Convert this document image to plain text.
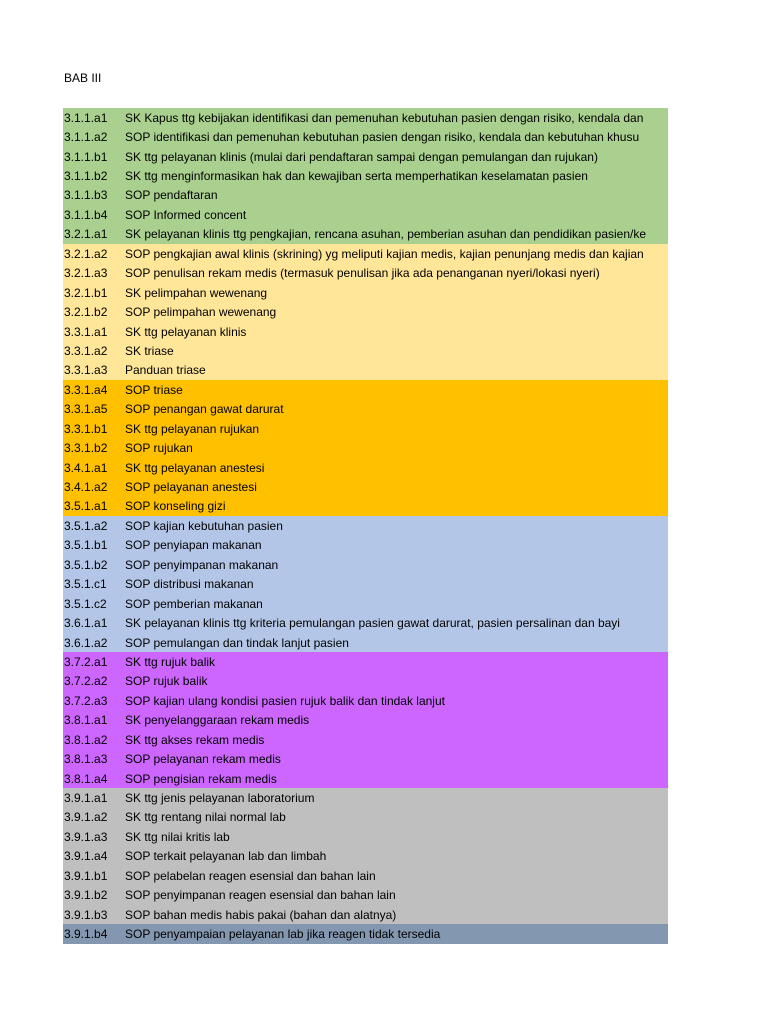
BAB III
3.1.1.a1	SK Kapus ttg kebijakan identifikasi dan pemenuhan kebutuhan pasien dengan risiko, kendala dan
3.1.1.a2	SOP identifikasi dan pemenuhan kebutuhan pasien dengan risiko, kendala dan kebutuhan khusu
3.1.1.b1	SK ttg pelayanan klinis (mulai dari pendaftaran sampai dengan pemulangan dan rujukan)
3.1.1.b2	SK ttg menginformasikan hak dan kewajiban serta memperhatikan keselamatan pasien
3.1.1.b3	SOP pendaftaran
3.1.1.b4	SOP Informed concent
3.2.1.a1	SK pelayanan klinis ttg pengkajian, rencana asuhan, pemberian asuhan dan pendidikan pasien/ke
3.2.1.a2	SOP pengkajian awal klinis (skrining) yg meliputi kajian medis, kajian penunjang medis dan kajian
3.2.1.a3	SOP penulisan rekam medis (termasuk penulisan jika ada penanganan nyeri/lokasi nyeri)
3.2.1.b1	SK pelimpahan wewenang
3.2.1.b2	SOP pelimpahan wewenang
3.3.1.a1	SK ttg pelayanan klinis
3.3.1.a2	SK triase
3.3.1.a3	Panduan triase
3.3.1.a4	SOP triase
3.3.1.a5	SOP penangan gawat darurat
3.3.1.b1	SK ttg pelayanan rujukan
3.3.1.b2	SOP rujukan
3.4.1.a1	SK ttg pelayanan anestesi
3.4.1.a2	SOP pelayanan anestesi
3.5.1.a1	SOP konseling gizi
3.5.1.a2	SOP kajian kebutuhan pasien
3.5.1.b1	SOP penyiapan makanan
3.5.1.b2	SOP penyimpanan makanan
3.5.1.c1	SOP distribusi makanan
3.5.1.c2	SOP pemberian makanan
3.6.1.a1	SK pelayanan klinis ttg kriteria pemulangan pasien gawat darurat, pasien persalinan dan bayi
3.6.1.a2	SOP pemulangan dan tindak lanjut pasien
3.7.2.a1	SK ttg rujuk balik
3.7.2.a2	SOP rujuk balik
3.7.2.a3	SOP kajian ulang kondisi pasien rujuk balik dan tindak lanjut
3.8.1.a1	SK penyelanggaraan rekam medis
3.8.1.a2	SK ttg akses rekam medis
3.8.1.a3	SOP pelayanan rekam medis
3.8.1.a4	SOP pengisian rekam medis
3.9.1.a1	SK ttg jenis pelayanan laboratorium
3.9.1.a2	SK ttg rentang nilai normal lab
3.9.1.a3	SK ttg nilai kritis lab
3.9.1.a4	SOP terkait pelayanan lab dan limbah
3.9.1.b1	SOP pelabelan reagen esensial dan bahan lain
3.9.1.b2	SOP penyimpanan reagen esensial dan bahan lain
3.9.1.b3	SOP bahan medis habis pakai (bahan dan alatnya)
3.9.1.b4	SOP penyampaian pelayanan lab jika reagen tidak tersedia
